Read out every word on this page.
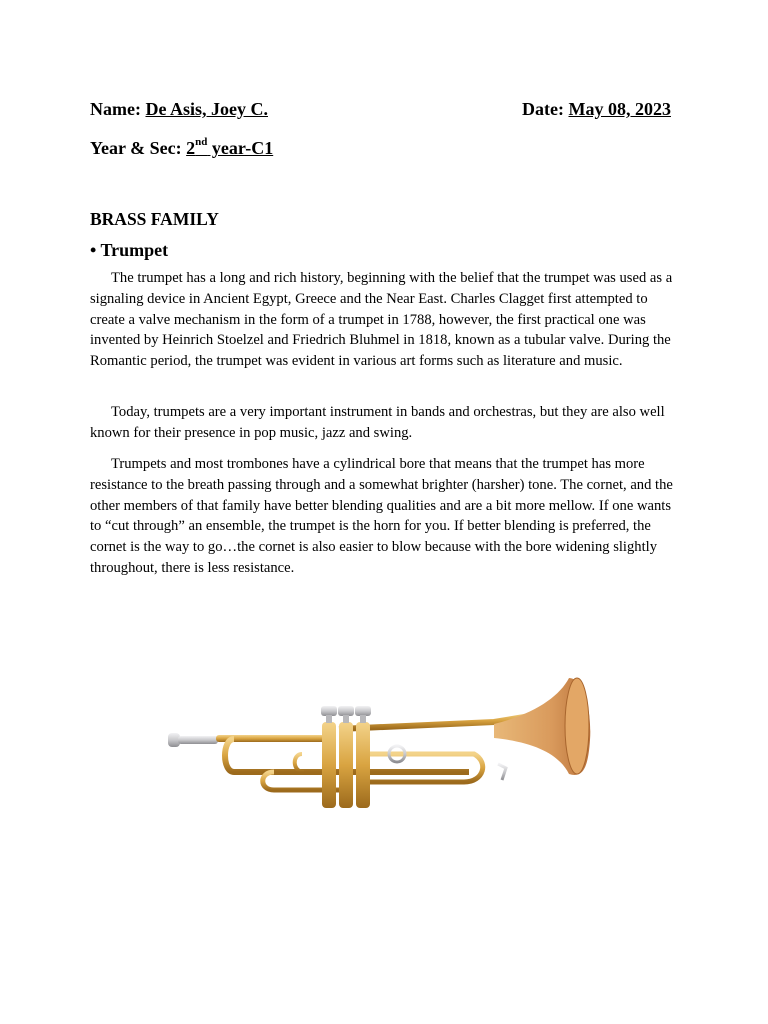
Name: De Asis, Joey C.	Date: May 08, 2023
Year & Sec: 2nd year-C1
BRASS FAMILY
• Trumpet

The trumpet has a long and rich history, beginning with the belief that the trumpet was used as a signaling device in Ancient Egypt, Greece and the Near East. Charles Clagget first attempted to create a valve mechanism in the form of a trumpet in 1788, however, the first practical one was invented by Heinrich Stoelzel and Friedrich Bluhmel in 1818, known as a tubular valve. During the Romantic period, the trumpet was evident in various art forms such as literature and music.

Today, trumpets are a very important instrument in bands and orchestras, but they are also well known for their presence in pop music, jazz and swing.

Trumpets and most trombones have a cylindrical bore that means that the trumpet has more resistance to the breath passing through and a somewhat brighter (harsher) tone. The cornet, and the other members of that family have better blending qualities and are a bit more mellow. If one wants to “cut through” an ensemble, the trumpet is the horn for you. If better blending is preferred, the cornet is the way to go…the cornet is also easier to blow because with the bore widening slightly throughout, there is less resistance.
